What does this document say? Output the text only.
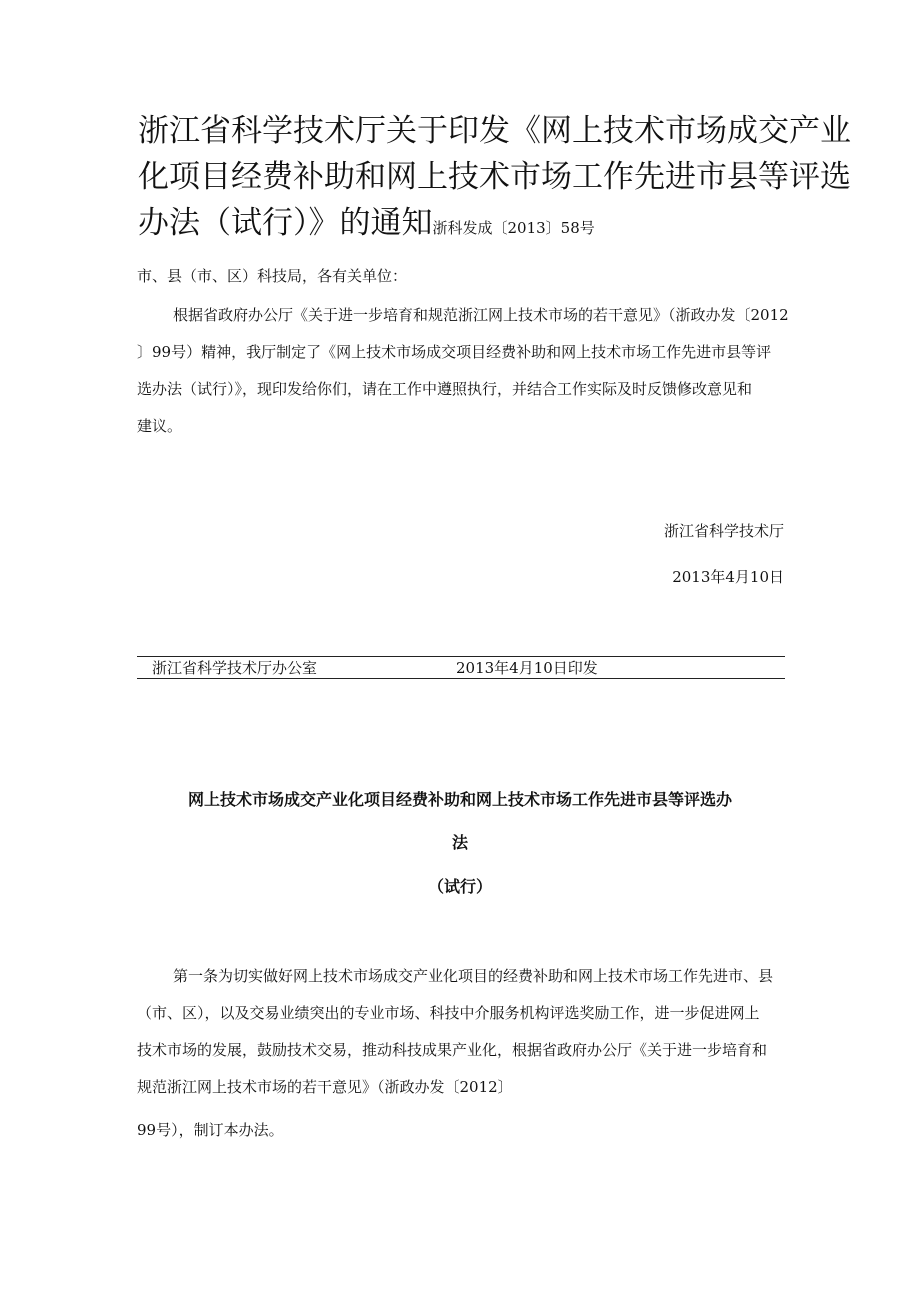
浙江省科学技术厅关于印发《网上技术市场成交产业
化项目经费补助和网上技术市场工作先进市县等评选
办法（试行）》的通知浙科发成〔2013〕58号
市、县（市、区）科技局，各有关单位：
根据省政府办公厅《关于进一步培育和规范浙江网上技术市场的若干意见》（浙政办发〔2012
〕99号）精神，我厅制定了《网上技术市场成交项目经费补助和网上技术市场工作先进市县等评
选办法（试行）》，现印发给你们，请在工作中遵照执行，并结合工作实际及时反馈修改意见和
建议。
浙江省科学技术厅
2013年4月10日
浙江省科学技术厅办公室	2013年4月10日印发
网上技术市场成交产业化项目经费补助和网上技术市场工作先进市县等评选办
法
（试行）
第一条为切实做好网上技术市场成交产业化项目的经费补助和网上技术市场工作先进市、县
（市、区），以及交易业绩突出的专业市场、科技中介服务机构评选奖励工作，进一步促进网上
技术市场的发展，鼓励技术交易，推动科技成果产业化，根据省政府办公厅《关于进一步培育和
规范浙江网上技术市场的若干意见》（浙政办发〔2012〕
99号），制订本办法。
